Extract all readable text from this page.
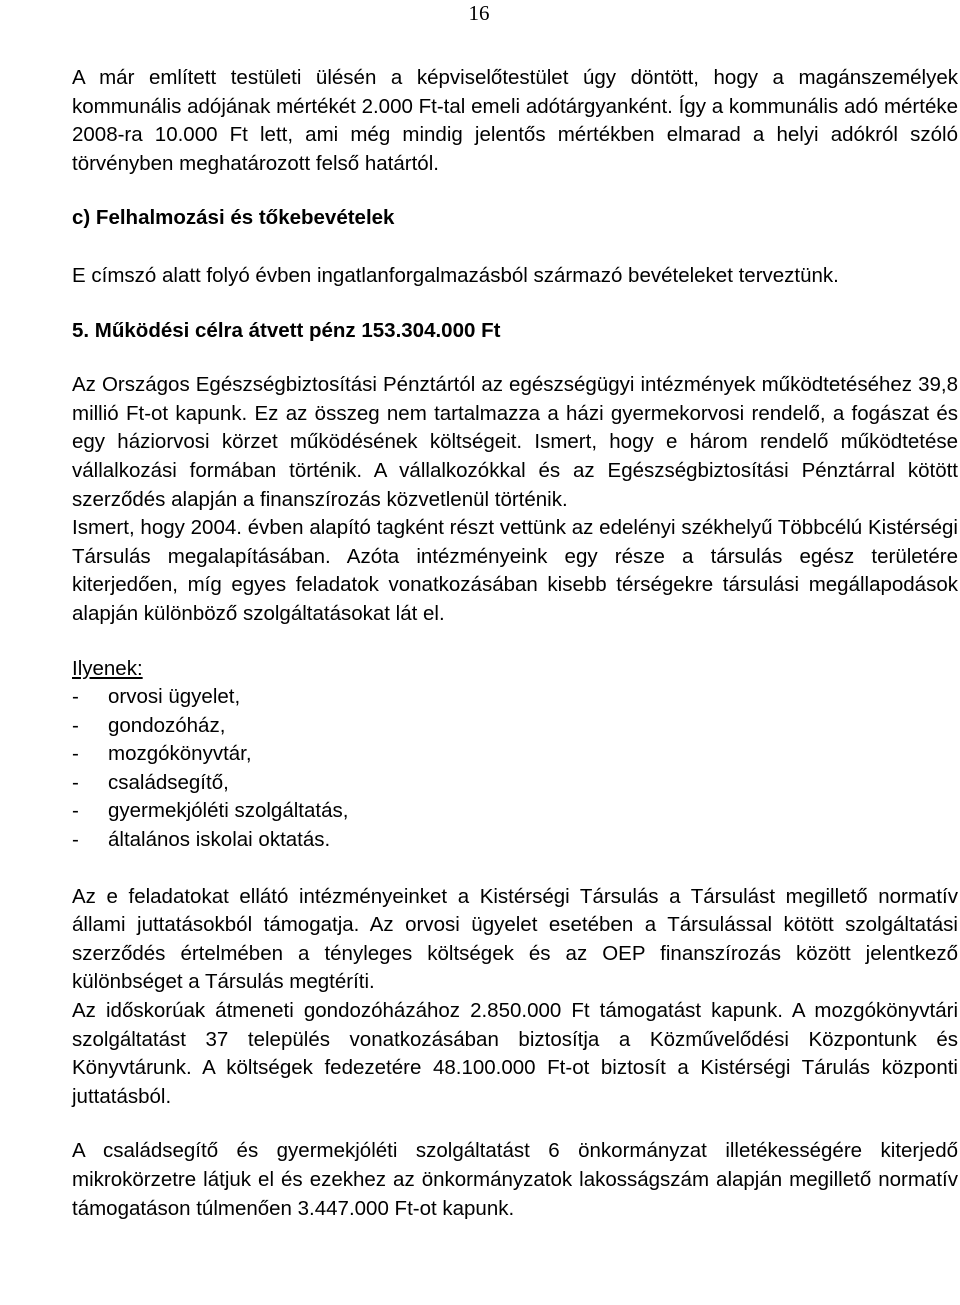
16

A már említett testületi ülésén a képviselőtestület úgy döntött, hogy a magánszemélyek kommunális adójának mértékét 2.000 Ft-tal emeli adótárgyanként. Így a kommunális adó mértéke 2008-ra 10.000 Ft lett, ami még mindig jelentős mértékben elmarad a helyi adókról szóló törvényben meghatározott felső határtól.

c) Felhalmozási és tőkebevételek

E címszó alatt folyó évben ingatlanforgalmazásból származó bevételeket terveztünk.

5. Működési célra átvett pénz 153.304.000 Ft

Az Országos Egészségbiztosítási Pénztártól az egészségügyi intézmények működtetéséhez 39,8 millió Ft-ot kapunk. Ez az összeg nem tartalmazza a házi gyermekorvosi rendelő, a fogászat és egy háziorvosi körzet működésének költségeit. Ismert, hogy e három rendelő működtetése vállalkozási formában történik. A vállalkozókkal és az Egészségbiztosítási Pénztárral kötött szerződés alapján a finanszírozás közvetlenül történik.

Ismert, hogy 2004. évben alapító tagként részt vettünk az edelényi székhelyű Többcélú Kistérségi Társulás megalapításában. Azóta intézményeink egy része a társulás egész területére kiterjedően, míg egyes feladatok vonatkozásában kisebb térségekre társulási megállapodások alapján különböző szolgáltatásokat lát el.

Ilyenek:

- orvosi ügyelet,
- gondozóház,
- mozgókönyvtár,
- családsegítő,
- gyermekjóléti szolgáltatás,
- általános iskolai oktatás.

Az e feladatokat ellátó intézményeinket a Kistérségi Társulás a Társulást megillető normatív állami juttatásokból támogatja. Az orvosi ügyelet esetében a Társulással kötött szolgáltatási szerződés értelmében a tényleges költségek és az OEP finanszírozás között jelentkező különbséget a Társulás megtéríti.

Az időskorúak átmeneti gondozóházához 2.850.000 Ft támogatást kapunk. A mozgókönyvtári szolgáltatást 37 település vonatkozásában biztosítja a Közművelődési Központunk és Könyvtárunk. A költségek fedezetére 48.100.000 Ft-ot biztosít a Kistérségi Tárulás központi juttatásból.

A családsegítő és gyermekjóléti szolgáltatást 6 önkormányzat illetékességére kiterjedő mikrokörzetre látjuk el és ezekhez az önkormányzatok lakosságszám alapján megillető normatív támogatáson túlmenően 3.447.000 Ft-ot kapunk.
